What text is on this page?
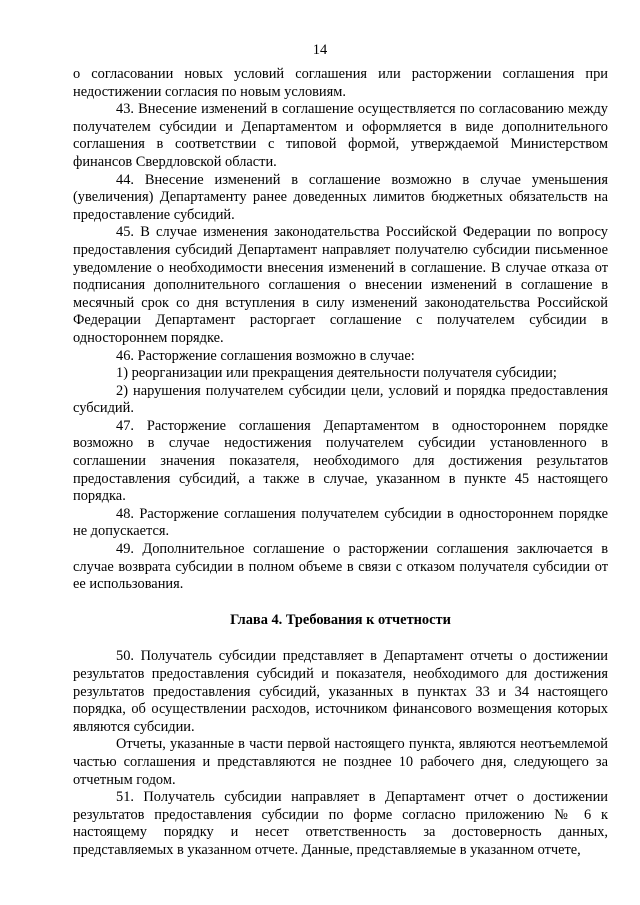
14

о согласовании новых условий соглашения или расторжении соглашения при недостижении согласия по новым условиям.

43. Внесение изменений в соглашение осуществляется по согласованию между получателем субсидии и Департаментом и оформляется в виде дополнительного соглашения в соответствии с типовой формой, утверждаемой Министерством финансов Свердловской области.

44. Внесение изменений в соглашение возможно в случае уменьшения (увеличения) Департаменту ранее доведенных лимитов бюджетных обязательств на предоставление субсидий.

45. В случае изменения законодательства Российской Федерации по вопросу предоставления субсидий Департамент направляет получателю субсидии письменное уведомление о необходимости внесения изменений в соглашение. В случае отказа от подписания дополнительного соглашения о внесении изменений в соглашение в месячный срок со дня вступления в силу изменений законодательства Российской Федерации Департамент расторгает соглашение с получателем субсидии в одностороннем порядке.

46. Расторжение соглашения возможно в случае:

1) реорганизации или прекращения деятельности получателя субсидии;

2) нарушения получателем субсидии цели, условий и порядка предоставления субсидий.

47. Расторжение соглашения Департаментом в одностороннем порядке возможно в случае недостижения получателем субсидии установленного в соглашении значения показателя, необходимого для достижения результатов предоставления субсидий, а также в случае, указанном в пункте 45 настоящего порядка.

48. Расторжение соглашения получателем субсидии в одностороннем порядке не допускается.

49. Дополнительное соглашение о расторжении соглашения заключается в случае возврата субсидии в полном объеме в связи с отказом получателя субсидии от ее использования.

Глава 4. Требования к отчетности

50. Получатель субсидии представляет в Департамент отчеты о достижении результатов предоставления субсидий и показателя, необходимого для достижения результатов предоставления субсидий, указанных в пунктах 33 и 34 настоящего порядка, об осуществлении расходов, источником финансового возмещения которых являются субсидии.

Отчеты, указанные в части первой настоящего пункта, являются неотъемлемой частью соглашения и представляются не позднее 10 рабочего дня, следующего за отчетным годом.

51. Получатель субсидии направляет в Департамент отчет о достижении результатов предоставления субсидии по форме согласно приложению № 6 к настоящему порядку и несет ответственность за достоверность данных, представляемых в указанном отчете. Данные, представляемые в указанном отчете,
